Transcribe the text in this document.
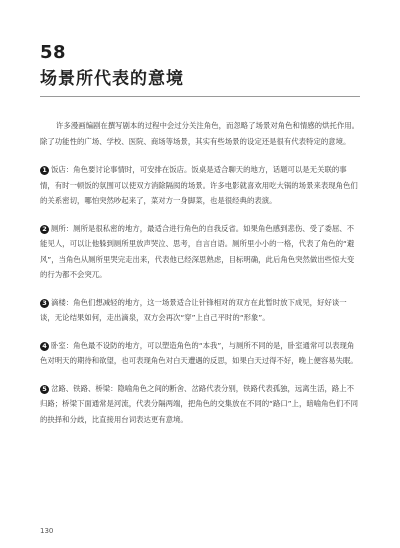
58
场景所代表的意境

许多漫画编剧在撰写剧本的过程中会过分关注角色，而忽略了场景对角色和情感的烘托作用。除了功能性的广场、学校、医院、商场等场景，其实有些场景的设定还是很有代表特定的意境。

1 饭店：角色要讨论事情时，可安排在饭店。饭桌是适合聊天的地方，话题可以是无关联的事情，有时一顿饭的氛围可以使双方消除隔阂的场景。许多电影就喜欢用吃大锅的场景来表现角色们的关系密切，哪怕突然吵起来了，菜对方一身脚菜，也是很经典的表演。

2 厕所：厕所是很私密的地方，最适合进行角色的自我反省。如果角色感到悲伤、受了委屈、不能见人，可以让他躲到厕所里放声哭泣、思考，自言自语。厕所里小小的一格，代表了角色的“避风”，当角色从厕所里哭完走出来，代表他已经深思熟虑，目标明确，此后角色突然做出些惊大变的行为都不会突兀。

3 滴楼：角色们想减轻的地方，这一场景适合让针锋相对的双方在此暂时放下成见，好好谈一谈，无论结果如何，走出滴泉，双方会再次“穿”上自己平时的“形象”。

4 卧室：角色最不设防的地方，可以塑造角色的“本我”，与厕所不同的是，卧室通常可以表现角色对明天的期待和欲望，也可表现角色对白天遭遇的反思，如果白天过得不好，晚上便容易失眠。

5 岔路、铁路、桥梁：隐喻角色之间的断舍、岔路代表分别，铁路代表孤独，远离生活，路上不归路；桥梁下面通常是河流，代表分隔两端，把角色的交集放在不同的“路口”上，暗喻角色们不同的抉择和分歧，比直接用台词表达更有意境。

130
